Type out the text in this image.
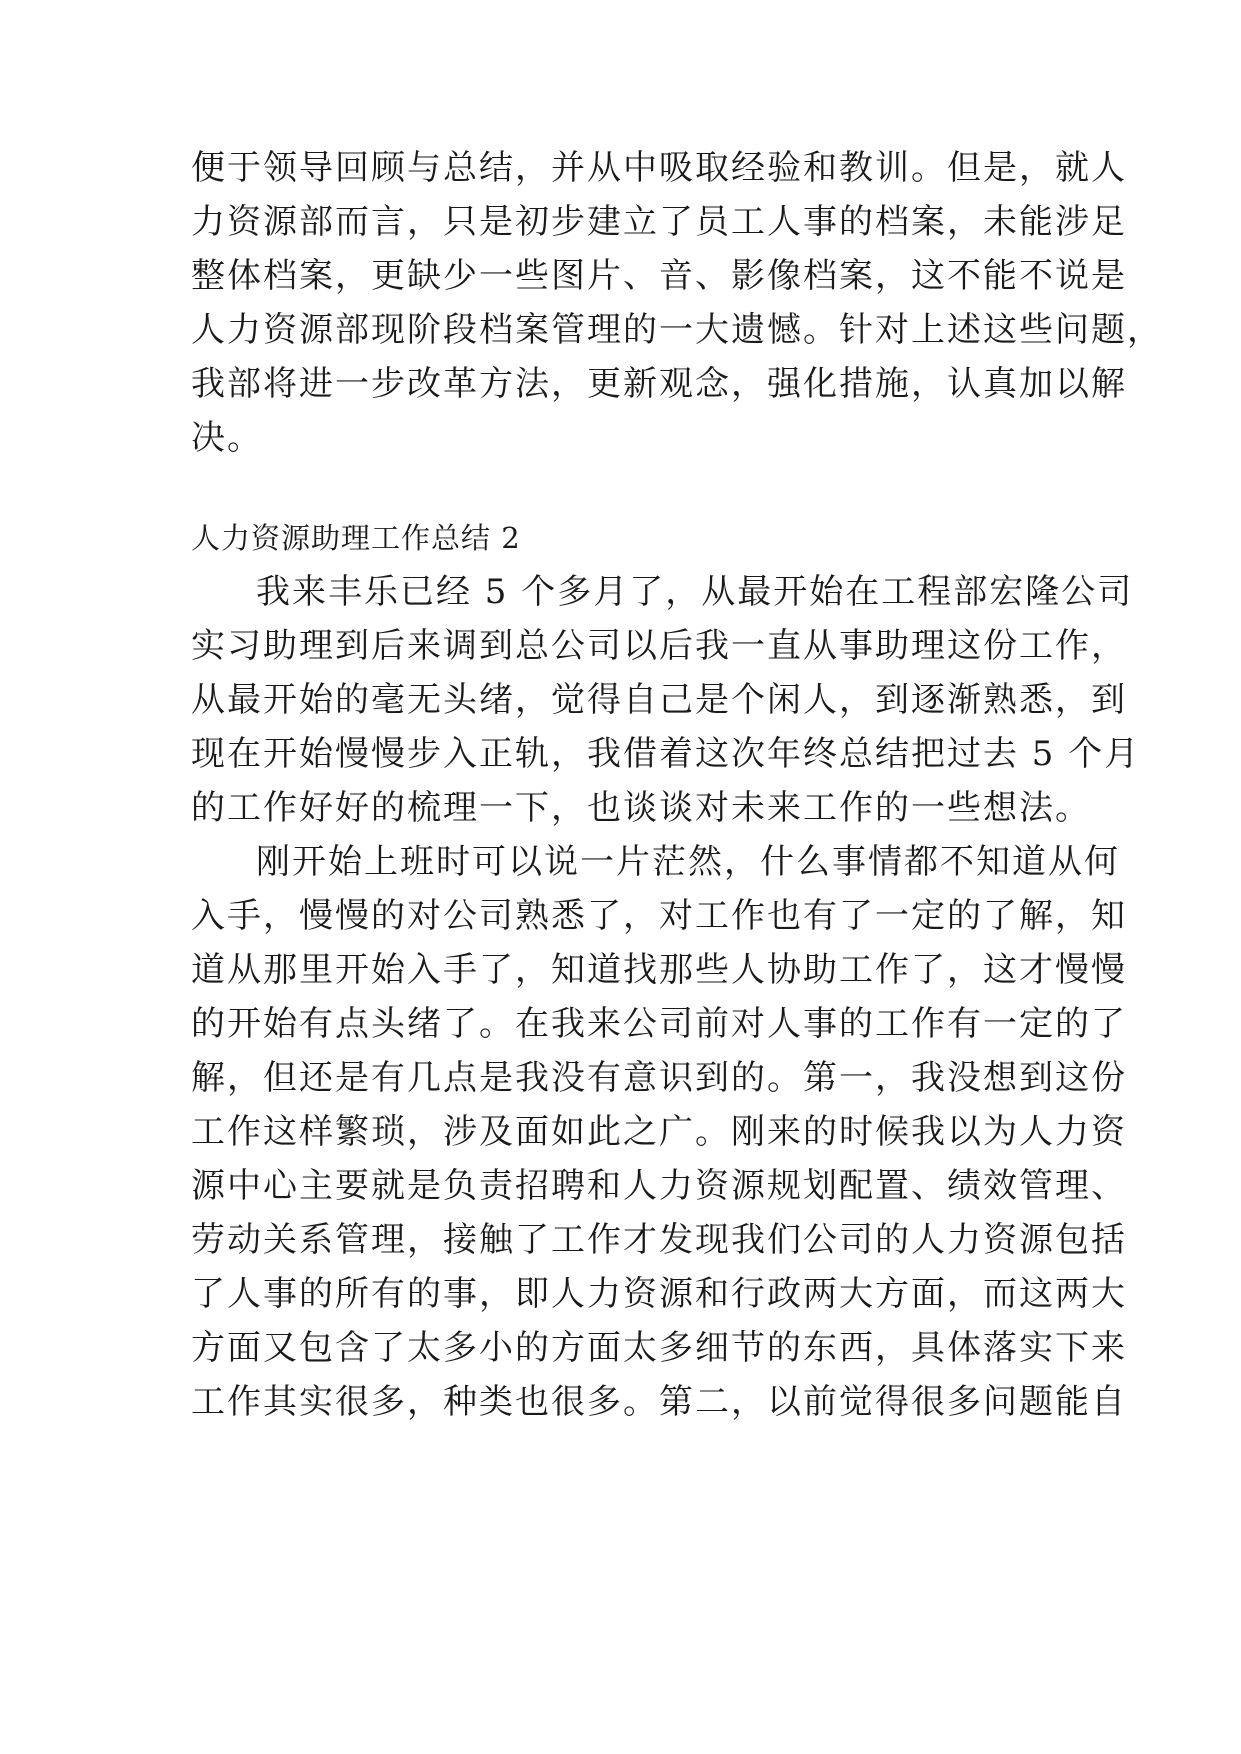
便于领导回顾与总结，并从中吸取经验和教训。但是，就人
力资源部而言，只是初步建立了员工人事的档案，未能涉足
整体档案，更缺少一些图片、音、影像档案，这不能不说是
人力资源部现阶段档案管理的一大遗憾。针对上述这些问题，
我部将进一步改革方法，更新观念，强化措施，认真加以解
决。
人力资源助理工作总结 2
我来丰乐已经 5 个多月了，从最开始在工程部宏隆公司
实习助理到后来调到总公司以后我一直从事助理这份工作，
从最开始的毫无头绪，觉得自己是个闲人，到逐渐熟悉，到
现在开始慢慢步入正轨，我借着这次年终总结把过去 5 个月
的工作好好的梳理一下，也谈谈对未来工作的一些想法。
刚开始上班时可以说一片茫然，什么事情都不知道从何
入手，慢慢的对公司熟悉了，对工作也有了一定的了解，知
道从那里开始入手了，知道找那些人协助工作了，这才慢慢
的开始有点头绪了。在我来公司前对人事的工作有一定的了
解，但还是有几点是我没有意识到的。第一，我没想到这份
工作这样繁琐，涉及面如此之广。刚来的时候我以为人力资
源中心主要就是负责招聘和人力资源规划配置、绩效管理、
劳动关系管理，接触了工作才发现我们公司的人力资源包括
了人事的所有的事，即人力资源和行政两大方面，而这两大
方面又包含了太多小的方面太多细节的东西，具体落实下来
工作其实很多，种类也很多。第二，以前觉得很多问题能自
